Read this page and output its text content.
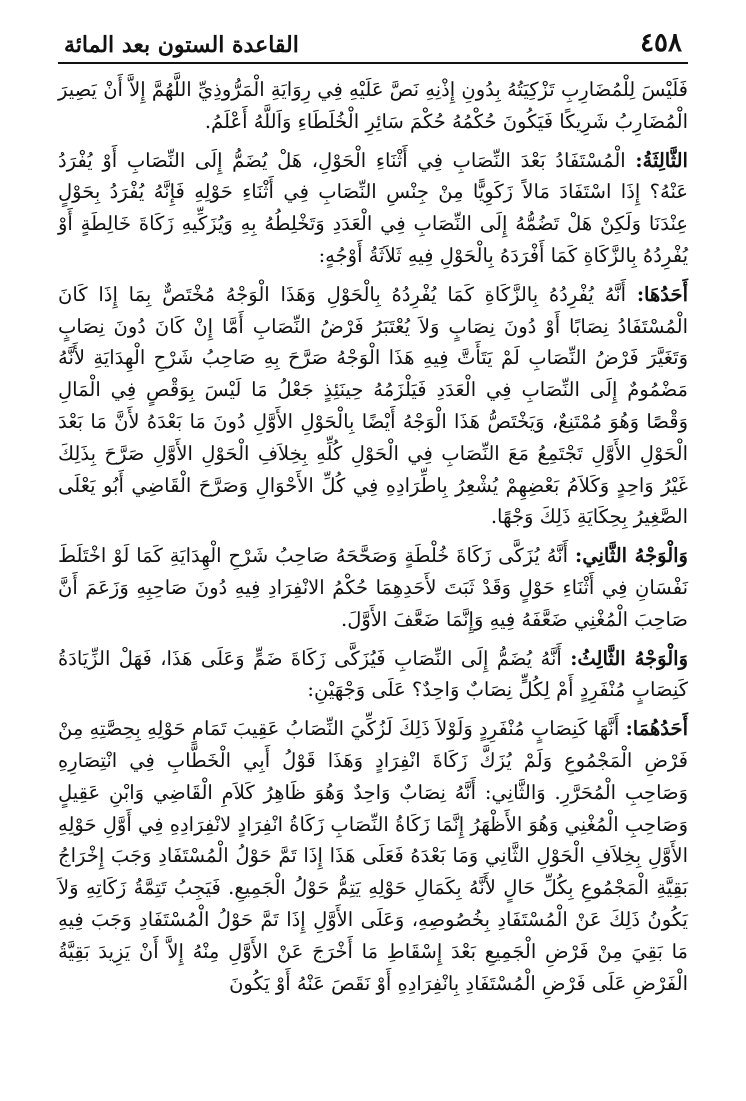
٤٥٨
القاعدة الستون بعد المائة

فَلَيْسَ لِلْمُضَارِبِ تَزْكِيَتُهُ بِدُونِ إِذْنِهِ نَصَّ عَلَيْهِ فِي رِوَايَةِ الْمَرُّوذِيِّ اللَّهُمَّ إِلاَّ أَنْ يَصِيرَ الْمُضَارِبُ شَرِيكًا فَيَكُونَ حُكْمُهُ حُكْمَ سَائِرِ الْخُلَطَاءِ وَاَللَّهُ أَعْلَمُ.

الثَّالِثَةُ: الْمُسْتَفَادُ بَعْدَ النِّصَابِ فِي أَثْنَاءِ الْحَوْلِ، هَلْ يُضَمُّ إِلَى النِّصَابِ أَوْ يُفْرَدُ عَنْهُ؟ إِذَا اسْتَفَادَ مَالاً زَكَوِيًّا مِنْ جِنْسِ النِّصَابِ فِي أَثْنَاءِ حَوْلِهِ فَإِنَّهُ يُفْرَدُ بِحَوْلٍ عِنْدَنَا وَلَكِنْ هَلْ تَضُمُّهُ إِلَى النِّصَابِ فِي الْعَدَدِ وَتَخْلِطُهُ بِهِ وَيُزَكِّيهِ زَكَاةَ خَالِطَةٍ أَوْ يُفْرِدُهُ بِالزَّكَاةِ كَمَا أَفْرَدَهُ بِالْحَوْلِ فِيهِ ثَلاَثَةُ أَوْجُهٍ:

أَحَدُهَا: أَنَّهُ يُفْرِدُهُ بِالزَّكَاةِ كَمَا يُفْرِدُهُ بِالْحَوْلِ وَهَذَا الْوَجْهُ مُخْتَصٌّ بِمَا إِذَا كَانَ الْمُسْتَفَادُ نِصَابًا أَوْ دُونَ نِصَابٍ وَلاَ يُعْتَبَرُ فَرْضُ النِّصَابِ أَمَّا إِنْ كَانَ دُونَ نِصَابٍ وَتَغَيَّرَ فَرْضُ النِّصَابِ لَمْ يَتَأَتَّ فِيهِ هَذَا الْوَجْهُ صَرَّحَ بِهِ صَاحِبُ شَرْحِ الْهِدَايَةِ لأَنَّهُ مَضْمُومٌ إِلَى النِّصَابِ فِي الْعَدَدِ فَيَلْزَمُهُ حِينَئِذٍ جَعْلُ مَا لَيْسَ بِوَقْصٍ فِي الْمَالِ وَقْصًا وَهُوَ مُمْتَنِعٌ، وَيَخْتَصُّ هَذَا الْوَجْهُ أَيْضًا بِالْحَوْلِ الأَوَّلِ دُونَ مَا بَعْدَهُ لأَنَّ مَا بَعْدَ الْحَوْلِ الأَوَّلِ تَجْتَمِعُ مَعَ النِّصَابِ فِي الْحَوْلِ كُلِّهِ بِخِلاَفِ الْحَوْلِ الأَوَّلِ صَرَّحَ بِذَلِكَ غَيْرُ وَاحِدٍ وَكَلاَمُ بَعْضِهِمْ يُشْعِرُ بِاطِّرَادِهِ فِي كُلِّ الأَحْوَالِ وَصَرَّحَ الْقَاضِي أَبُو يَعْلَى الصَّغِيرُ بِحِكَايَةِ ذَلِكَ وَجْهًا.

وَالْوَجْهُ الثَّانِي: أَنَّهُ يُزَكَّى زَكَاةَ خُلْطَةٍ وَصَحَّحَهُ صَاحِبُ شَرْحِ الْهِدَايَةِ كَمَا لَوْ اخْتَلَطَ نَفْسَانِ فِي أَثْنَاءِ حَوْلٍ وَقَدْ ثَبَتَ لأَحَدِهِمَا حُكْمُ الانْفِرَادِ فِيهِ دُونَ صَاحِبِهِ وَزَعَمَ أَنَّ صَاحِبَ الْمُغْنِي ضَعَّفَهُ فِيهِ وَإِنَّمَا ضَعَّفَ الأَوَّلَ.

وَالْوَجْهُ الثَّالِثُ: أَنَّهُ يُضَمُّ إِلَى النِّصَابِ فَيُزَكَّى زَكَاةَ ضَمٍّ وَعَلَى هَذَا، فَهَلْ الزِّيَادَةُ كَنِصَابٍ مُنْفَرِدٍ أَمْ لِكُلٍّ نِصَابٌ وَاحِدٌ؟ عَلَى وَجْهَيْنِ:

أَحَدُهُمَا: أَنَّهَا كَنِصَابٍ مُنْفَرِدٍ وَلَوْلاَ ذَلِكَ لَزُكِّيَ النِّصَابُ عَقِيبَ تَمَامِ حَوْلِهِ بِحِصَّتِهِ مِنْ فَرْضِ الْمَجْمُوعِ وَلَمْ يُزَكَّ زَكَاةَ انْفِرَادٍ وَهَذَا قَوْلُ أَبِي الْخَطَّابِ فِي انْتِصَارِهِ وَصَاحِبِ الْمُحَرَّرِ. وَالثَّانِي: أَنَّهُ نِصَابٌ وَاحِدٌ وَهُوَ ظَاهِرُ كَلاَمِ الْقَاضِي وَابْنِ عَقِيلٍ وَصَاحِبِ الْمُغْنِي وَهُوَ الأَظْهَرُ إِنَّمَا زَكَاةُ النِّصَابِ زَكَاةُ انْفِرَادٍ لانْفِرَادِهِ فِي أَوَّلِ حَوْلِهِ الأَوَّلِ بِخِلاَفِ الْحَوْلِ الثَّانِي وَمَا بَعْدَهُ فَعَلَى هَذَا إِذَا تَمَّ حَوْلُ الْمُسْتَفَادِ وَجَبَ إِخْرَاجُ بَقِيَّةِ الْمَجْمُوعِ بِكُلِّ حَالٍ لأَنَّهُ بِكَمَالِ حَوْلِهِ يَتِمُّ حَوْلُ الْجَمِيعِ. فَيَجِبُ تَتِمَّةُ زَكَاتِهِ وَلاَ يَكُونُ ذَلِكَ عَنْ الْمُسْتَفَادِ بِخُصُوصِهِ، وَعَلَى الأَوَّلِ إِذَا تَمَّ حَوْلُ الْمُسْتَفَادِ وَجَبَ فِيهِ مَا بَقِيَ مِنْ فَرْضِ الْجَمِيعِ بَعْدَ إِسْقَاطِ مَا أَخْرَجَ عَنْ الأَوَّلِ مِنْهُ إِلاَّ أَنْ يَزِيدَ بَقِيَّةُ الْفَرْضِ عَلَى فَرْضِ الْمُسْتَفَادِ بِانْفِرَادِهِ أَوْ نَقَصَ عَنْهُ أَوْ يَكُونَ
